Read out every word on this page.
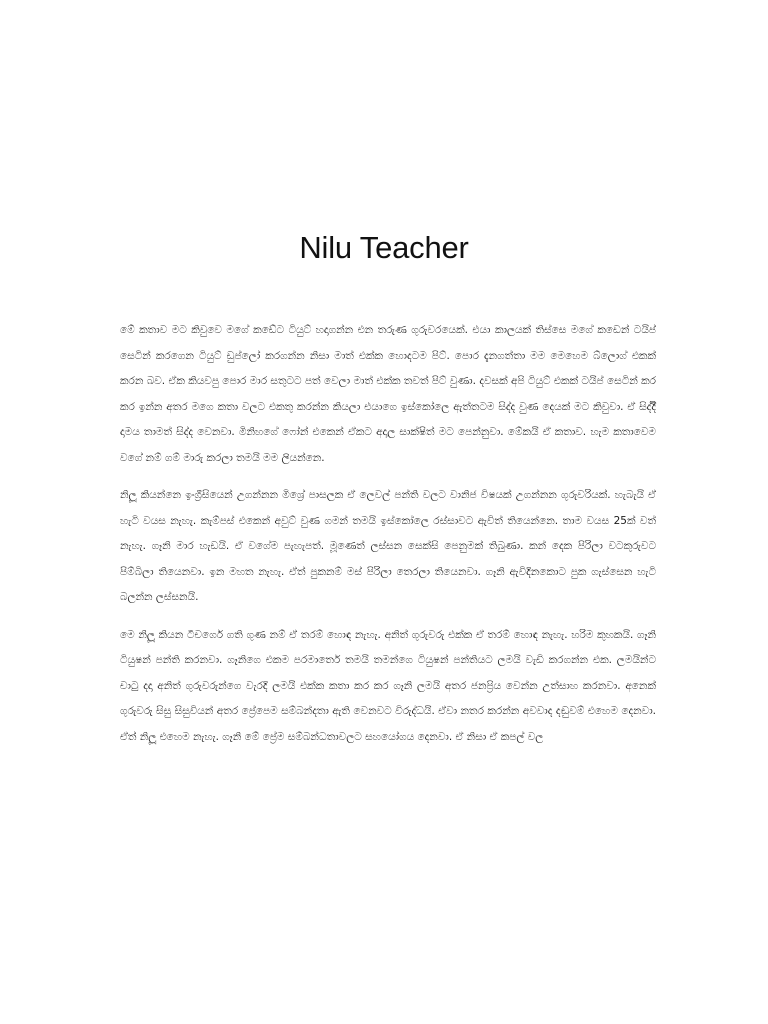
Nilu Teacher

මේ කතාව මට කිවුවෙ මගේ කඩේට ටියුට් හදාගන්න එන තරුණ ගුරුවරයෙක්. එයා කාලයක් තිස්සෙ මගේ කඩෙන් ටයිප් සෙටින් කරගෙන ටියුට් ඩුප්ලෝ කරගන්න නිසා මාත් එක්ක හොදටම පිට්. පොර දැනගත්තා මම මෙහෙම බ්ලොග් එකක් කරන බව. ඒක කියවපු පොර මාර සතුටට පත් වෙලා මාත් එක්ක තවත් පිට් වුණා. දවසක් අපි ටියුට් එකක් ටයිප් සෙටින් කර කර ඉන්න අතර මගෙ කතා වලට එකතු කරන්න කියලා එයාගෙ ඉස්කෝලෙ ඇත්තටම සිද්ද වුණ දෙයක් මට කිවුවා. ඒ සිද්දිි දාමය තාමත් සිද්ද වෙනවා. මිනිහගේ ෆෝන් එකෙන් ඒකට අදාල සාක්ෂිත් මට පෙන්නුවා. මේකයි ඒ කතාව. හැම කතාවෙම වගේ නම් ගම් මාරු කරලා තමයි මම ලියන්නෙ.

නිලූ කියන්නෙ ඉංග්‍රීසියෙන් උගන්නන මිශ්‍රේ පාසලක ඒ ලෙවල් පන්ති වලට වානිජ විෂයක් උගන්නන ගුරුවරියක්. හැබැයි ඒ හැටි වයස නැහැ. කැම්පස් එකෙන් අවුට් වුණ ගමන් තමයි ඉස්කෝලෙ රස්සාවට ඇවිත් තියෙන්නෙ. තාම වයස 25ක් වත් නැහැ. ගෑනි මාර හැඩයි. ඒ වගේම පැහැපත්. මූණෙත් ලස්සන සෙක්සි පෙනුමක් තිබුණා. කන් දෙක පිරිලා වටකුරුවට පිම්බිලා තියෙනවා. ඉන මහත නැහැ. ඒත් පුකනම් මස් පිරිලා තෙරලා තියෙනවා. ගෑනි ඇවිදිනකොට පුක ගැස්සෙන හැටි බලන්න ලස්සනයි.

මෙ නිලූ කියන ටීචර්ගෙ ගති ගුණ නම් ඒ තරම් හොඳ නැහැ. අනිත් ගුරුවරු එක්ක ඒ තරම් හොඳ නැහැ. හරිම කුහකයි. ගෑනි ටියුෂන් පන්ති කරනවා. ගෑනිගෙ එකම පරමාර්තෙ තමයි තමන්ගෙ ටියුෂන් පන්තියට ලමයි වැඩි කරගන්න එක. ලමයින්ට චාටු දදා අනිත් ගුරුවරුන්ගෙ වැරදි ලමයි එක්ක කතා කර කර ගෑනි ලමයි අතර ජනප්‍රිය වෙන්න උත්සාහ කරනවා. අනෙක් ගුරුවරු සිසු සිසුවියන් අතර ප්‍රේපෙම සම්බන්දතා ඇති වෙනවට විරුද්ධයි. ඒවා නතර කරන්න අවවාද දඬුවම් එහෙම දෙනවා. ඒත් නිලූ එහෙම නැහැ. ගෑනි මේ ප්‍රේම සම්බන්ධතාවලට සහයෝගය දෙනවා. ඒ නිසා ඒ කපල් වල
